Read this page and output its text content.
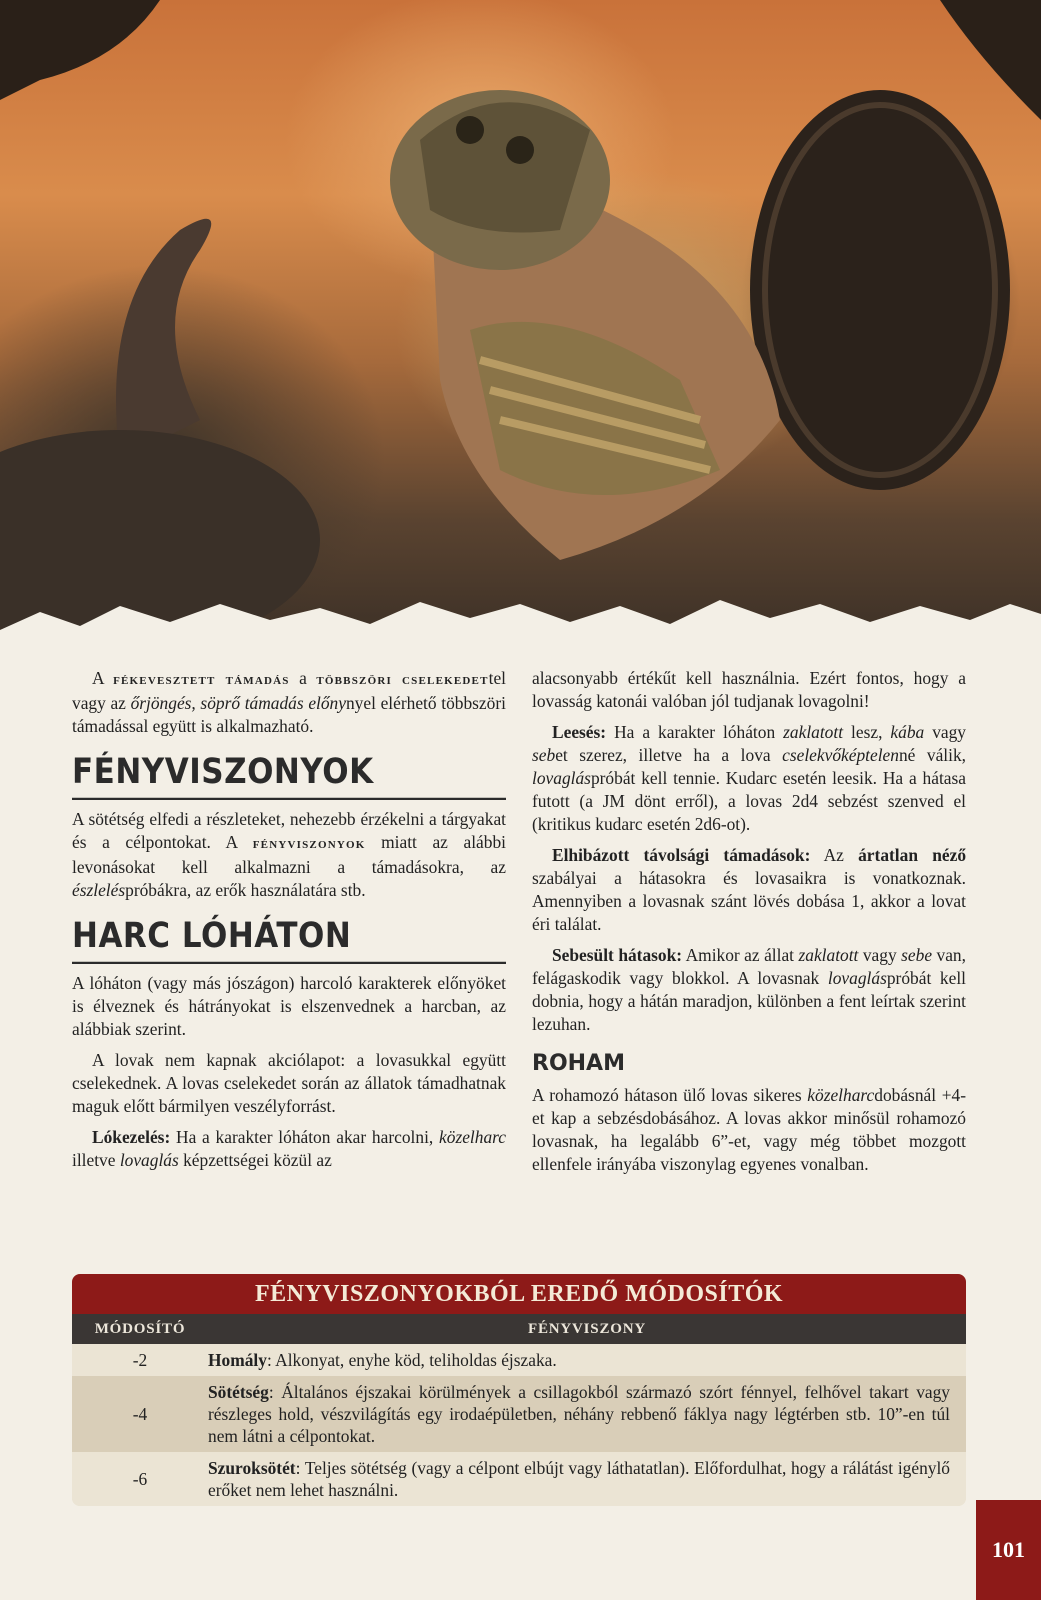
A fékevesztett támadás a többszöri cselekedettel vagy az őrjöngés, söprő támadás előnynyel elérhető többszöri támadással együtt is alkalmazható.

FÉNYVISZONYOK

A sötétség elfedi a részleteket, nehezebb érzékelni a tárgyakat és a célpontokat. A fényviszonyok miatt az alábbi levonásokat kell alkalmazni a támadásokra, az észleléspróbákra, az erők használatára stb.

HARC LÓHÁTON

A lóháton (vagy más jószágon) harcoló karakterek előnyöket is élveznek és hátrányokat is elszenvednek a harcban, az alábbiak szerint.

A lovak nem kapnak akciólapot: a lovasukkal együtt cselekednek. A lovas cselekedet során az állatok támadhatnak maguk előtt bármilyen veszélyforrást.

Lókezelés: Ha a karakter lóháton akar harcolni, közelharc illetve lovaglás képzettségei közül az

alacsonyabb értékűt kell használnia. Ezért fontos, hogy a lovasság katonái valóban jól tudjanak lovagolni!

Leesés: Ha a karakter lóháton zaklatott lesz, kába vagy sebet szerez, illetve ha a lova cselekvőképtelenné válik, lovagláspróbát kell tennie. Kudarc esetén leesik. Ha a hátasa futott (a JM dönt erről), a lovas 2d4 sebzést szenved el (kritikus kudarc esetén 2d6-ot).

Elhibázott távolsági támadások: Az ártatlan néző szabályai a hátasokra és lovasaikra is vonatkoznak. Amennyiben a lovasnak szánt lövés dobása 1, akkor a lovat éri találat.

Sebesült hátasok: Amikor az állat zaklatott vagy sebe van, felágaskodik vagy blokkol. A lovasnak lovagláspróbát kell dobnia, hogy a hátán maradjon, különben a fent leírtak szerint lezuhan.

ROHAM

A rohamozó hátason ülő lovas sikeres közelharcdobásnál +4-et kap a sebzésdobásához. A lovas akkor minősül rohamozó lovasnak, ha legalább 6”-et, vagy még többet mozgott ellenfele irányába viszonylag egyenes vonalban.

FÉNYVISZONYOKBÓL EREDŐ MÓDOSÍTÓK
MÓDOSÍTÓ	FÉNYVISZONY
-2	Homály: Alkonyat, enyhe köd, teliholdas éjszaka.
-4
Sötétség: Általános éjszakai körülmények a csillagokból származó szórt fénnyel, felhővel takart vagy részleges hold, vészvilágítás egy irodaépületben, néhány rebbenő fáklya nagy légtérben stb. 10”-en túl nem látni a célpontokat.
-6
Szuroksötét: Teljes sötétség (vagy a célpont elbújt vagy láthatatlan). Előfordulhat, hogy a rálátást igénylő erőket nem lehet használni.
101
